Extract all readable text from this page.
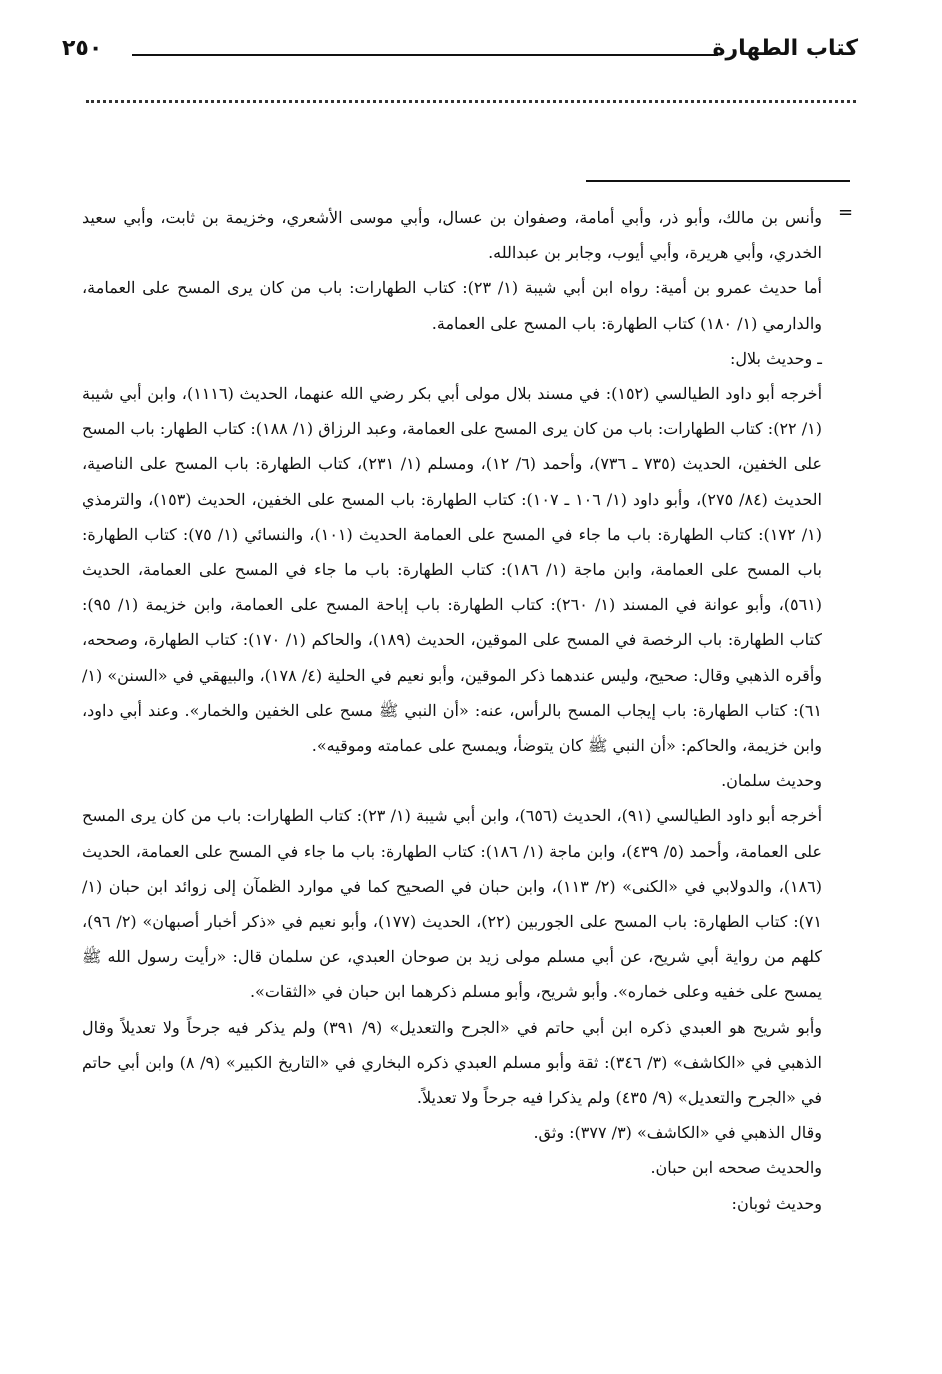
كتاب الطهارة
٢٥٠
=

وأنس بن مالك، وأبو ذر، وأبي أمامة، وصفوان بن عسال، وأبي موسى الأشعري، وخزيمة بن ثابت، وأبي سعيد الخدري، وأبي هريرة، وأبي أيوب، وجابر بن عبدالله.

أما حديث عمرو بن أمية: رواه ابن أبي شيبة (١/ ٢٣): كتاب الطهارات: باب من كان يرى المسح على العمامة، والدارمي (١/ ١٨٠) كتاب الطهارة: باب المسح على العمامة.

ـ وحديث بلال:

أخرجه أبو داود الطيالسي (١٥٢): في مسند بلال مولى أبي بكر رضي الله عنهما، الحديث (١١١٦)، وابن أبي شيبة (١/ ٢٢): كتاب الطهارات: باب من كان يرى المسح على العمامة، وعبد الرزاق (١/ ١٨٨): كتاب الطهار: باب المسح على الخفين، الحديث (٧٣٥ ـ ٧٣٦)، وأحمد (٦/ ١٢)، ومسلم (١/ ٢٣١)، كتاب الطهارة: باب المسح على الناصية، الحديث (٨٤/ ٢٧٥)، وأبو داود (١/ ١٠٦ ـ ١٠٧): كتاب الطهارة: باب المسح على الخفين، الحديث (١٥٣)، والترمذي (١/ ١٧٢): كتاب الطهارة: باب ما جاء في المسح على العمامة الحديث (١٠١)، والنسائي (١/ ٧٥): كتاب الطهارة: باب المسح على العمامة، وابن ماجة (١/ ١٨٦): كتاب الطهارة: باب ما جاء في المسح على العمامة، الحديث (٥٦١)، وأبو عوانة في المسند (١/ ٢٦٠): كتاب الطهارة: باب إباحة المسح على العمامة، وابن خزيمة (١/ ٩٥): كتاب الطهارة: باب الرخصة في المسح على الموقين، الحديث (١٨٩)، والحاكم (١/ ١٧٠): كتاب الطهارة، وصححه، وأقره الذهبي وقال: صحيح، وليس عندهما ذكر الموقين، وأبو نعيم في الحلية (٤/ ١٧٨)، والبيهقي في «السنن» (١/ ٦١): كتاب الطهارة: باب إيجاب المسح بالرأس، عنه: «أن النبي ﷺ مسح على الخفين والخمار». وعند أبي داود، وابن خزيمة، والحاكم: «أن النبي ﷺ كان يتوضأ، ويمسح على عمامته وموقيه».

وحديث سلمان.

أخرجه أبو داود الطيالسي (٩١)، الحديث (٦٥٦)، وابن أبي شيبة (١/ ٢٣): كتاب الطهارات: باب من كان يرى المسح على العمامة، وأحمد (٥/ ٤٣٩)، وابن ماجة (١/ ١٨٦): كتاب الطهارة: باب ما جاء في المسح على العمامة، الحديث (١٨٦)، والدولابي في «الكنى» (٢/ ١١٣)، وابن حبان في الصحيح كما في موارد الظمآن إلى زوائد ابن حبان (١/ ٧١): كتاب الطهارة: باب المسح على الجوربين (٢٢)، الحديث (١٧٧)، وأبو نعيم في «ذكر أخبار أصبهان» (٢/ ٩٦)، كلهم من رواية أبي شريح، عن أبي مسلم مولى زيد بن صوحان العبدي، عن سلمان قال: «رأيت رسول الله ﷺ يمسح على خفيه وعلى خماره». وأبو شريح، وأبو مسلم ذكرهما ابن حبان في «الثقات».

وأبو شريح هو العبدي ذكره ابن أبي حاتم في «الجرح والتعديل» (٩/ ٣٩١) ولم يذكر فيه جرحاً ولا تعديلاً وقال الذهبي في «الكاشف» (٣/ ٣٤٦): ثقة وأبو مسلم العبدي ذكره البخاري في «التاريخ الكبير» (٩/ ٨) وابن أبي حاتم في «الجرح والتعديل» (٩/ ٤٣٥) ولم يذكرا فيه جرحاً ولا تعديلاً.

وقال الذهبي في «الكاشف» (٣/ ٣٧٧): وثق.

والحديث صححه ابن حبان.

وحديث ثوبان:
